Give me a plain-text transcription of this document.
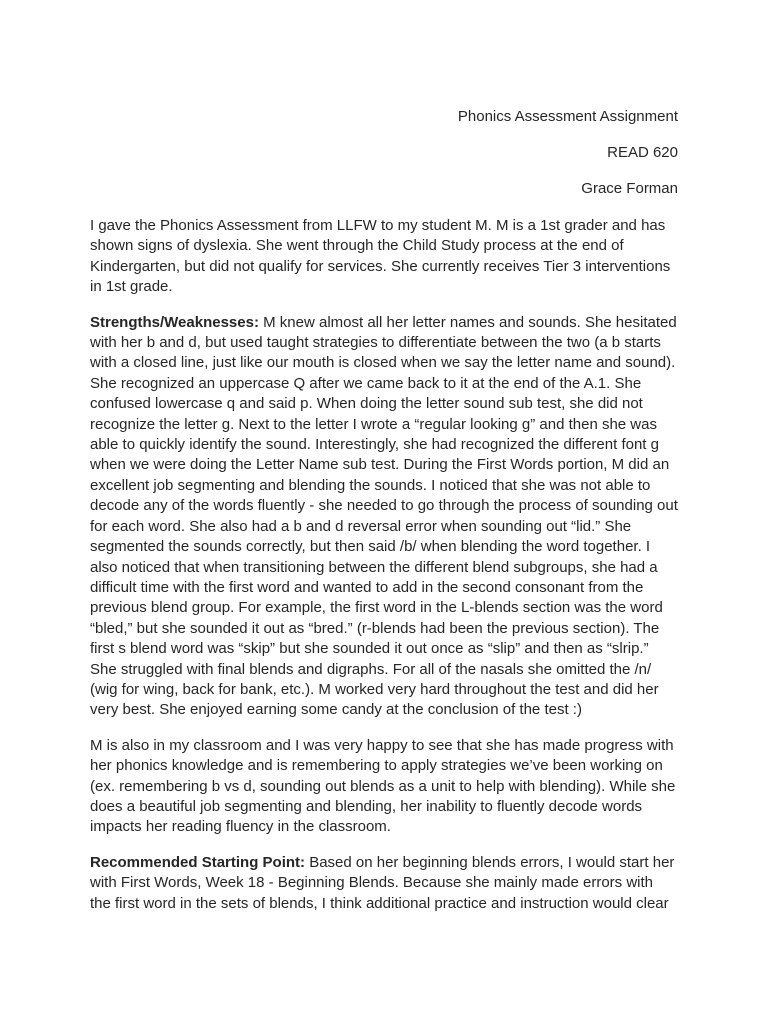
Phonics Assessment Assignment
READ 620
Grace Forman

I gave the Phonics Assessment from LLFW to my student M. M is a 1st grader and has shown signs of dyslexia. She went through the Child Study process at the end of Kindergarten, but did not qualify for services. She currently receives Tier 3 interventions in 1st grade.

Strengths/Weaknesses: M knew almost all her letter names and sounds. She hesitated with her b and d, but used taught strategies to differentiate between the two (a b starts with a closed line, just like our mouth is closed when we say the letter name and sound). She recognized an uppercase Q after we came back to it at the end of the A.1. She confused lowercase q and said p. When doing the letter sound sub test, she did not recognize the letter g. Next to the letter I wrote a “regular looking g” and then she was able to quickly identify the sound. Interestingly, she had recognized the different font g when we were doing the Letter Name sub test. During the First Words portion, M did an excellent job segmenting and blending the sounds. I noticed that she was not able to decode any of the words fluently - she needed to go through the process of sounding out for each word. She also had a b and d reversal error when sounding out “lid.” She segmented the sounds correctly, but then said /b/ when blending the word together. I also noticed that when transitioning between the different blend subgroups, she had a difficult time with the first word and wanted to add in the second consonant from the previous blend group. For example, the first word in the L-blends section was the word “bled,” but she sounded it out as “bred.” (r-blends had been the previous section). The first s blend word was “skip” but she sounded it out once as “slip” and then as “slrip.” She struggled with final blends and digraphs. For all of the nasals she omitted the /n/ (wig for wing, back for bank, etc.). M worked very hard throughout the test and did her very best. She enjoyed earning some candy at the conclusion of the test :)

M is also in my classroom and I was very happy to see that she has made progress with her phonics knowledge and is remembering to apply strategies we’ve been working on (ex. remembering b vs d, sounding out blends as a unit to help with blending). While she does a beautiful job segmenting and blending, her inability to fluently decode words impacts her reading fluency in the classroom.

Recommended Starting Point: Based on her beginning blends errors, I would start her with First Words, Week 18 - Beginning Blends. Because she mainly made errors with the first word in the sets of blends, I think additional practice and instruction would clear
